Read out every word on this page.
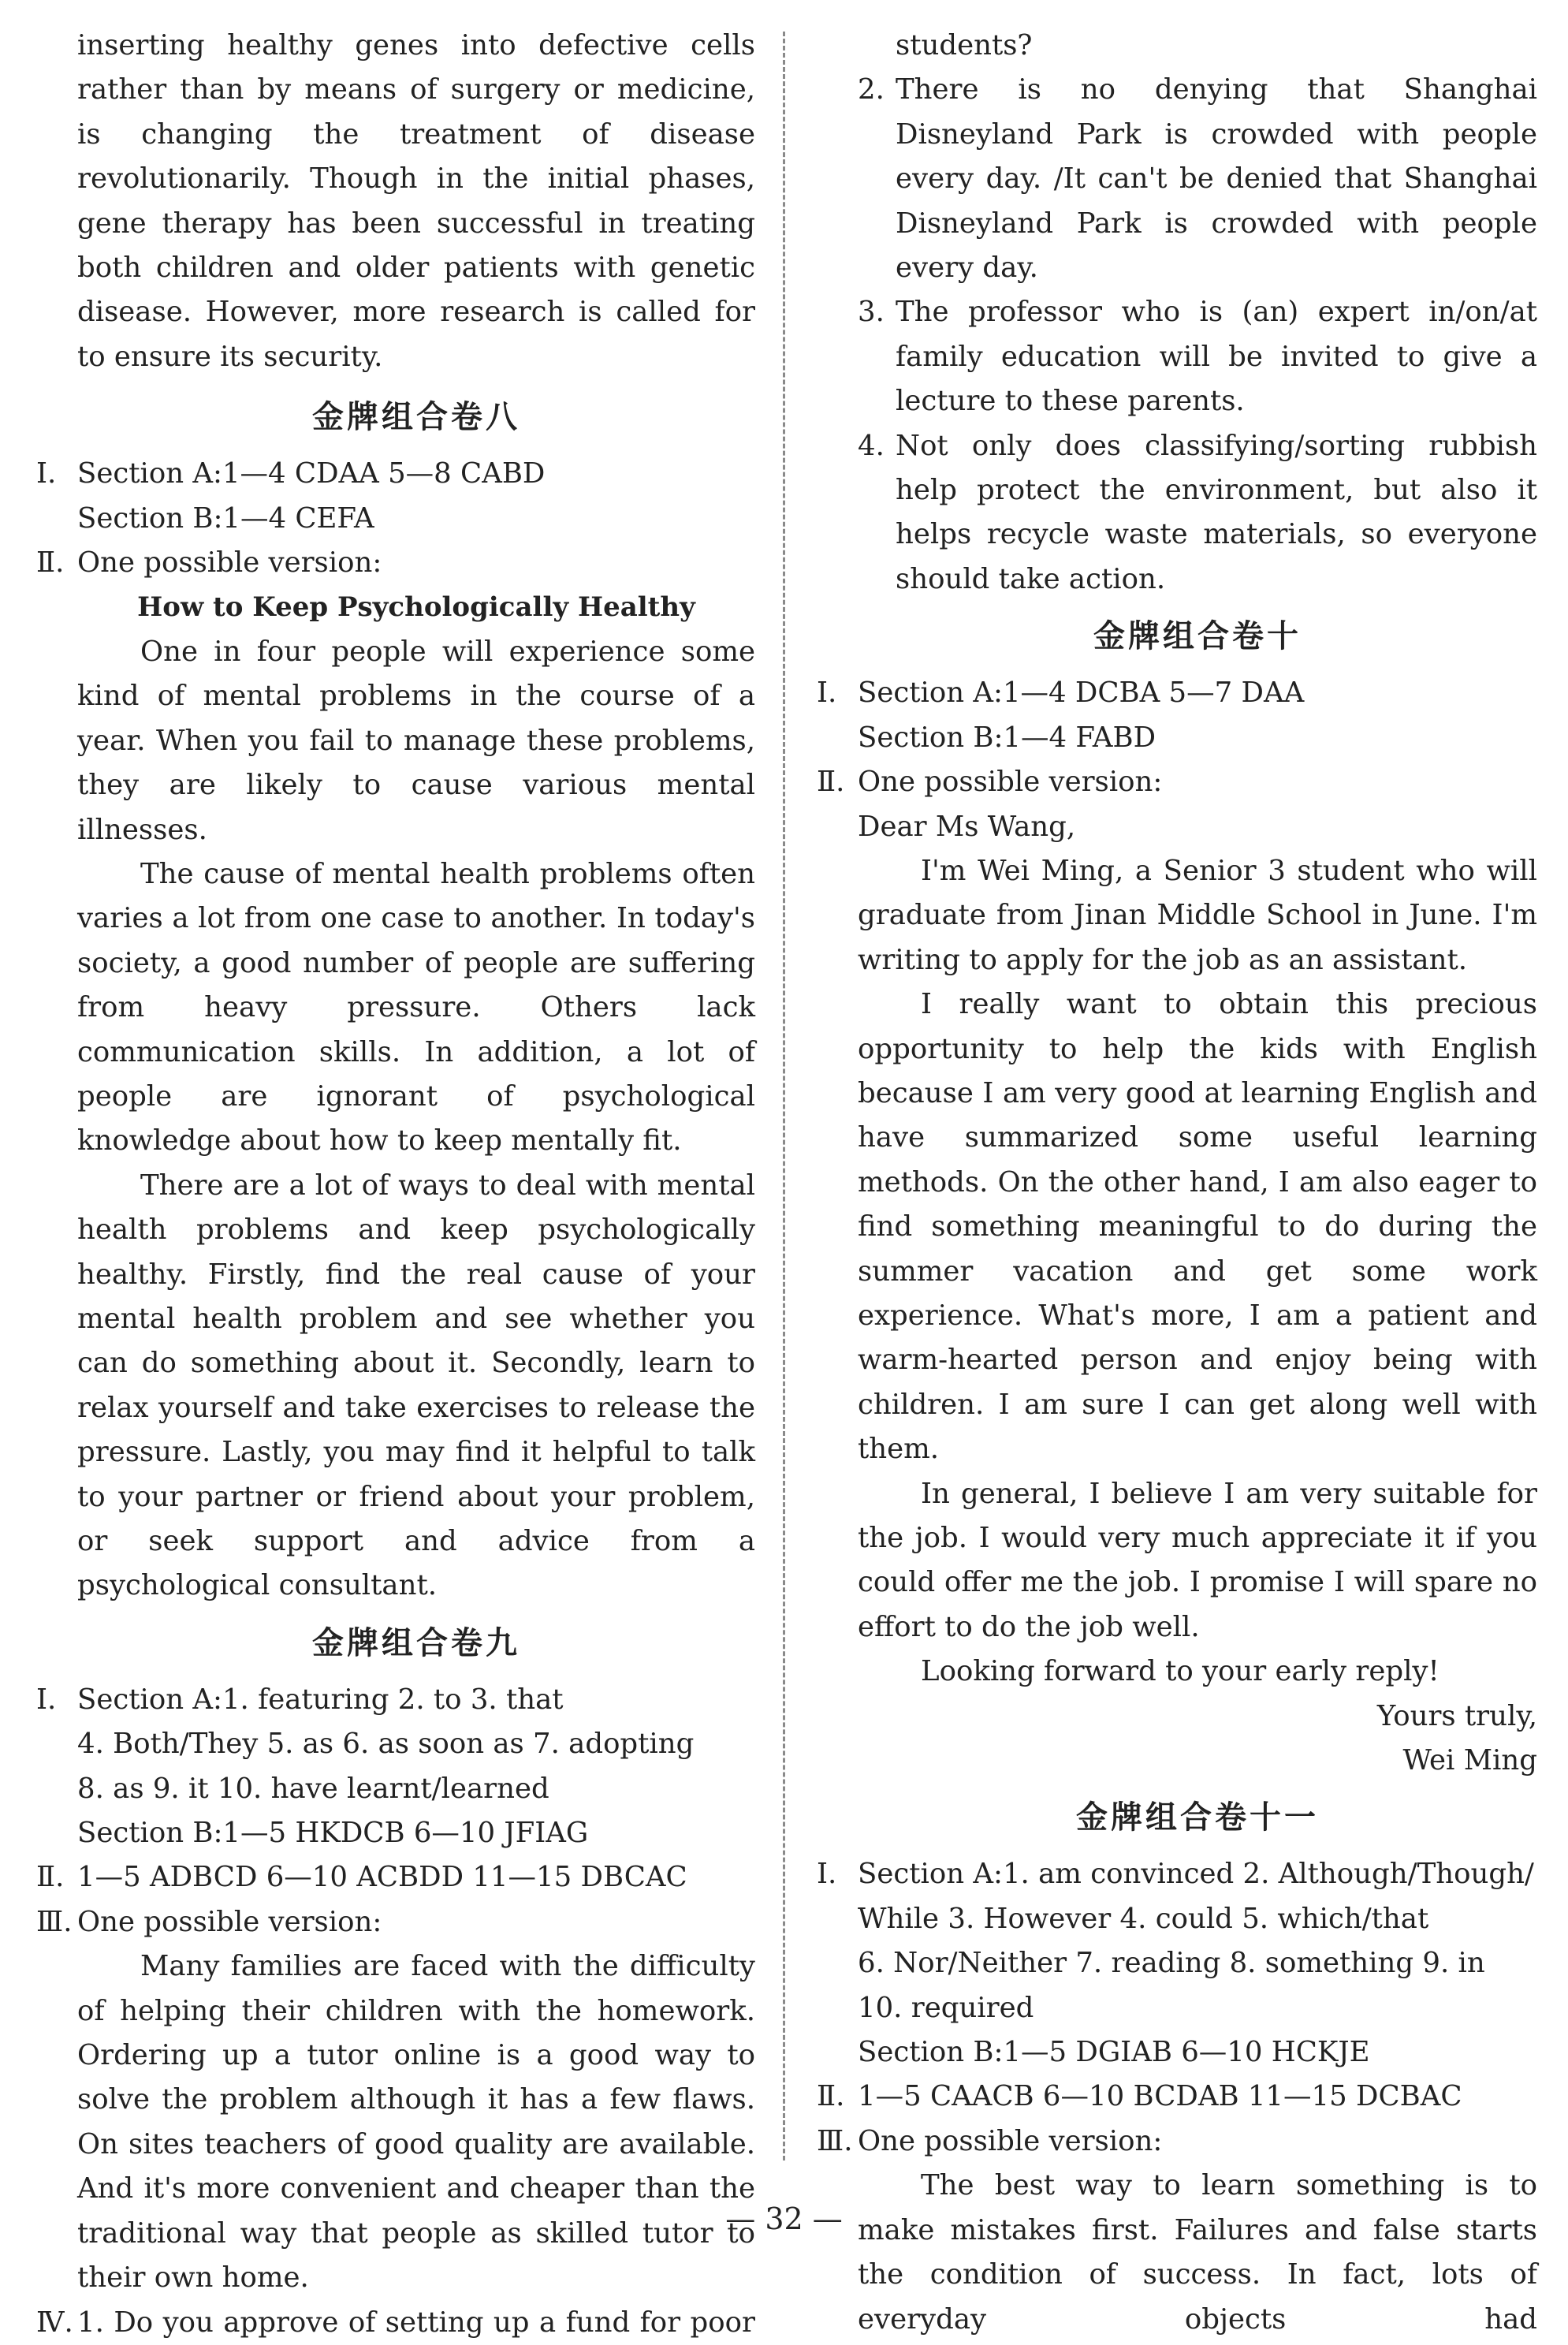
inserting healthy genes into defective cells rather than by means of surgery or medicine, is changing the treatment of disease revolutionarily. Though in the initial phases, gene therapy has been successful in treating both children and older patients with genetic disease. However, more research is called for to ensure its security.

金牌组合卷八

Ⅰ. Section A:1—4 CDAA 5—8 CABD

Section B:1—4 CEFA

Ⅱ. One possible version:

How to Keep Psychologically Healthy

One in four people will experience some kind of mental problems in the course of a year. When you fail to manage these problems, they are likely to cause various mental illnesses.

The cause of mental health problems often varies a lot from one case to another. In today's society, a good number of people are suffering from heavy pressure. Others lack communication skills. In addition, a lot of people are ignorant of psychological knowledge about how to keep mentally fit.

There are a lot of ways to deal with mental health problems and keep psychologically healthy. Firstly, find the real cause of your mental health problem and see whether you can do something about it. Secondly, learn to relax yourself and take exercises to release the pressure. Lastly, you may find it helpful to talk to your partner or friend about your problem, or seek support and advice from a psychological consultant.

金牌组合卷九

Ⅰ. Section A:1. featuring 2. to 3. that

4. Both/They 5. as 6. as soon as 7. adopting

8. as 9. it 10. have learnt/learned

Section B:1—5 HKDCB 6—10 JFIAG

Ⅱ. 1—5 ADBCD 6—10 ACBDD 11—15 DBCAC

Ⅲ. One possible version:

Many families are faced with the difficulty of helping their children with the homework. Ordering up a tutor online is a good way to solve the problem although it has a few flaws. On sites teachers of good quality are available. And it's more convenient and cheaper than the traditional way that people as skilled tutor to their own home.

Ⅳ. 1. Do you approve of setting up a fund for poor

students?

2. There is no denying that Shanghai Disneyland Park is crowded with people every day. /It can't be denied that Shanghai Disneyland Park is crowded with people every day.

3. The professor who is (an) expert in/on/at family education will be invited to give a lecture to these parents.

4. Not only does classifying/sorting rubbish help protect the environment, but also it helps recycle waste materials, so everyone should take action.

金牌组合卷十

Ⅰ. Section A:1—4 DCBA 5—7 DAA

Section B:1—4 FABD

Ⅱ. One possible version:

Dear Ms Wang,

I'm Wei Ming, a Senior 3 student who will graduate from Jinan Middle School in June. I'm writing to apply for the job as an assistant.

I really want to obtain this precious opportunity to help the kids with English because I am very good at learning English and have summarized some useful learning methods. On the other hand, I am also eager to find something meaningful to do during the summer vacation and get some work experience. What's more, I am a patient and warm-hearted person and enjoy being with children. I am sure I can get along well with them.

In general, I believe I am very suitable for the job. I would very much appreciate it if you could offer me the job. I promise I will spare no effort to do the job well.

Looking forward to your early reply!

Yours truly,

Wei Ming

金牌组合卷十一

Ⅰ. Section A:1. am convinced 2. Although/Though/

While 3. However 4. could 5. which/that

6. Nor/Neither 7. reading 8. something 9. in

10. required

Section B:1—5 DGIAB 6—10 HCKJE

Ⅱ. 1—5 CAACB 6—10 BCDAB 11—15 DCBAC

Ⅲ. One possible version:

The best way to learn something is to make mistakes first. Failures and false starts the condition of success. In fact, lots of everyday objects had

— 32 —
